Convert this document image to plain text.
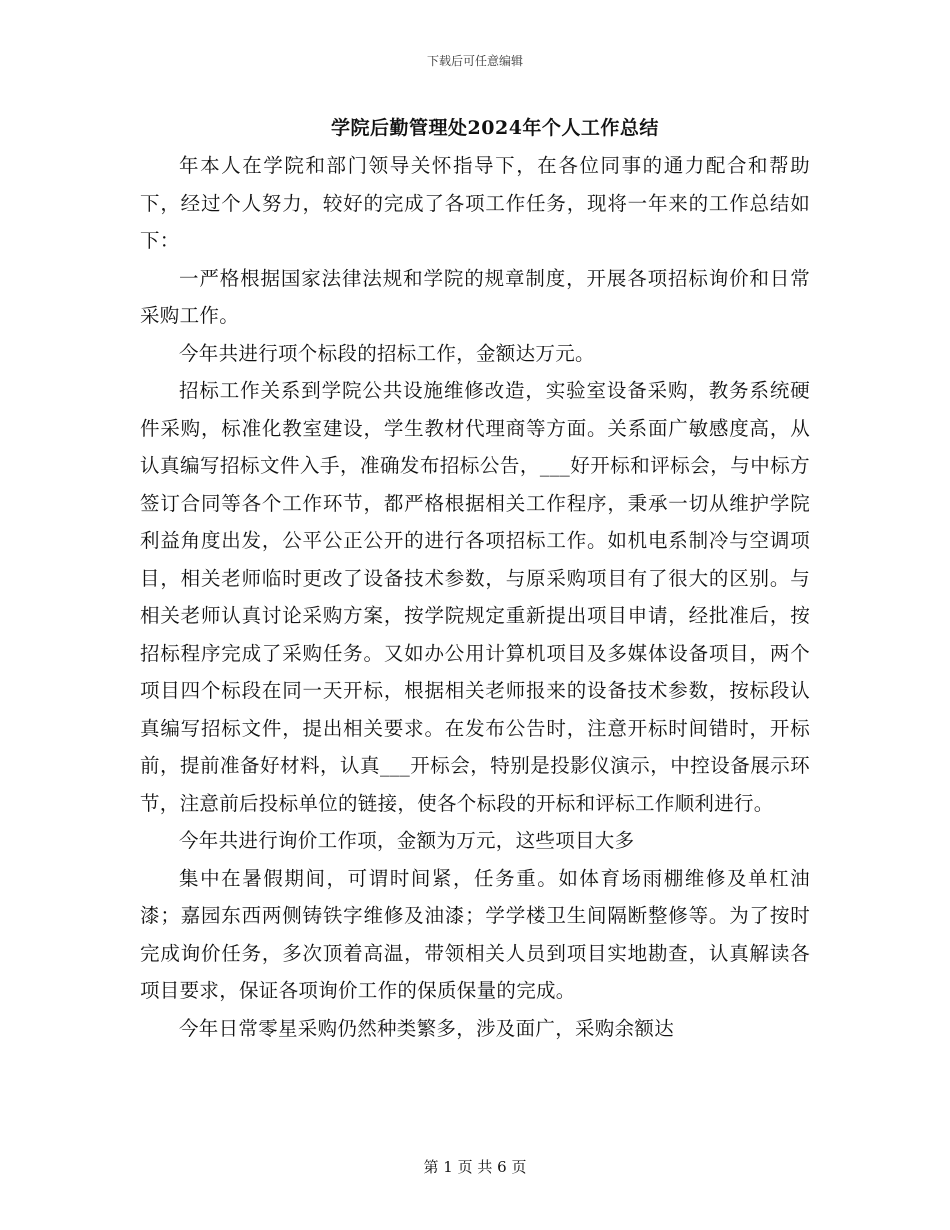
下载后可任意编辑
学院后勤管理处2024年个人工作总结

年本人在学院和部门领导关怀指导下，在各位同事的通力配合和帮助下，经过个人努力，较好的完成了各项工作任务，现将一年来的工作总结如下：

一严格根据国家法律法规和学院的规章制度，开展各项招标询价和日常采购工作。

今年共进行项个标段的招标工作，金额达万元。

招标工作关系到学院公共设施维修改造，实验室设备采购，教务系统硬件采购，标准化教室建设，学生教材代理商等方面。关系面广敏感度高，从认真编写招标文件入手，准确发布招标公告，___好开标和评标会，与中标方签订合同等各个工作环节，都严格根据相关工作程序，秉承一切从维护学院利益角度出发，公平公正公开的进行各项招标工作。如机电系制冷与空调项目，相关老师临时更改了设备技术参数，与原采购项目有了很大的区别。与相关老师认真讨论采购方案，按学院规定重新提出项目申请，经批准后，按招标程序完成了采购任务。又如办公用计算机项目及多媒体设备项目，两个项目四个标段在同一天开标，根据相关老师报来的设备技术参数，按标段认真编写招标文件，提出相关要求。在发布公告时，注意开标时间错时，开标前，提前准备好材料，认真___开标会，特别是投影仪演示，中控设备展示环节，注意前后投标单位的链接，使各个标段的开标和评标工作顺利进行。

今年共进行询价工作项，金额为万元，这些项目大多

集中在暑假期间，可谓时间紧，任务重。如体育场雨棚维修及单杠油漆；嘉园东西两侧铸铁字维修及油漆；学学楼卫生间隔断整修等。为了按时完成询价任务，多次顶着高温，带领相关人员到项目实地勘查，认真解读各项目要求，保证各项询价工作的保质保量的完成。

今年日常零星采购仍然种类繁多，涉及面广，采购余额达

第 1 页 共 6 页
